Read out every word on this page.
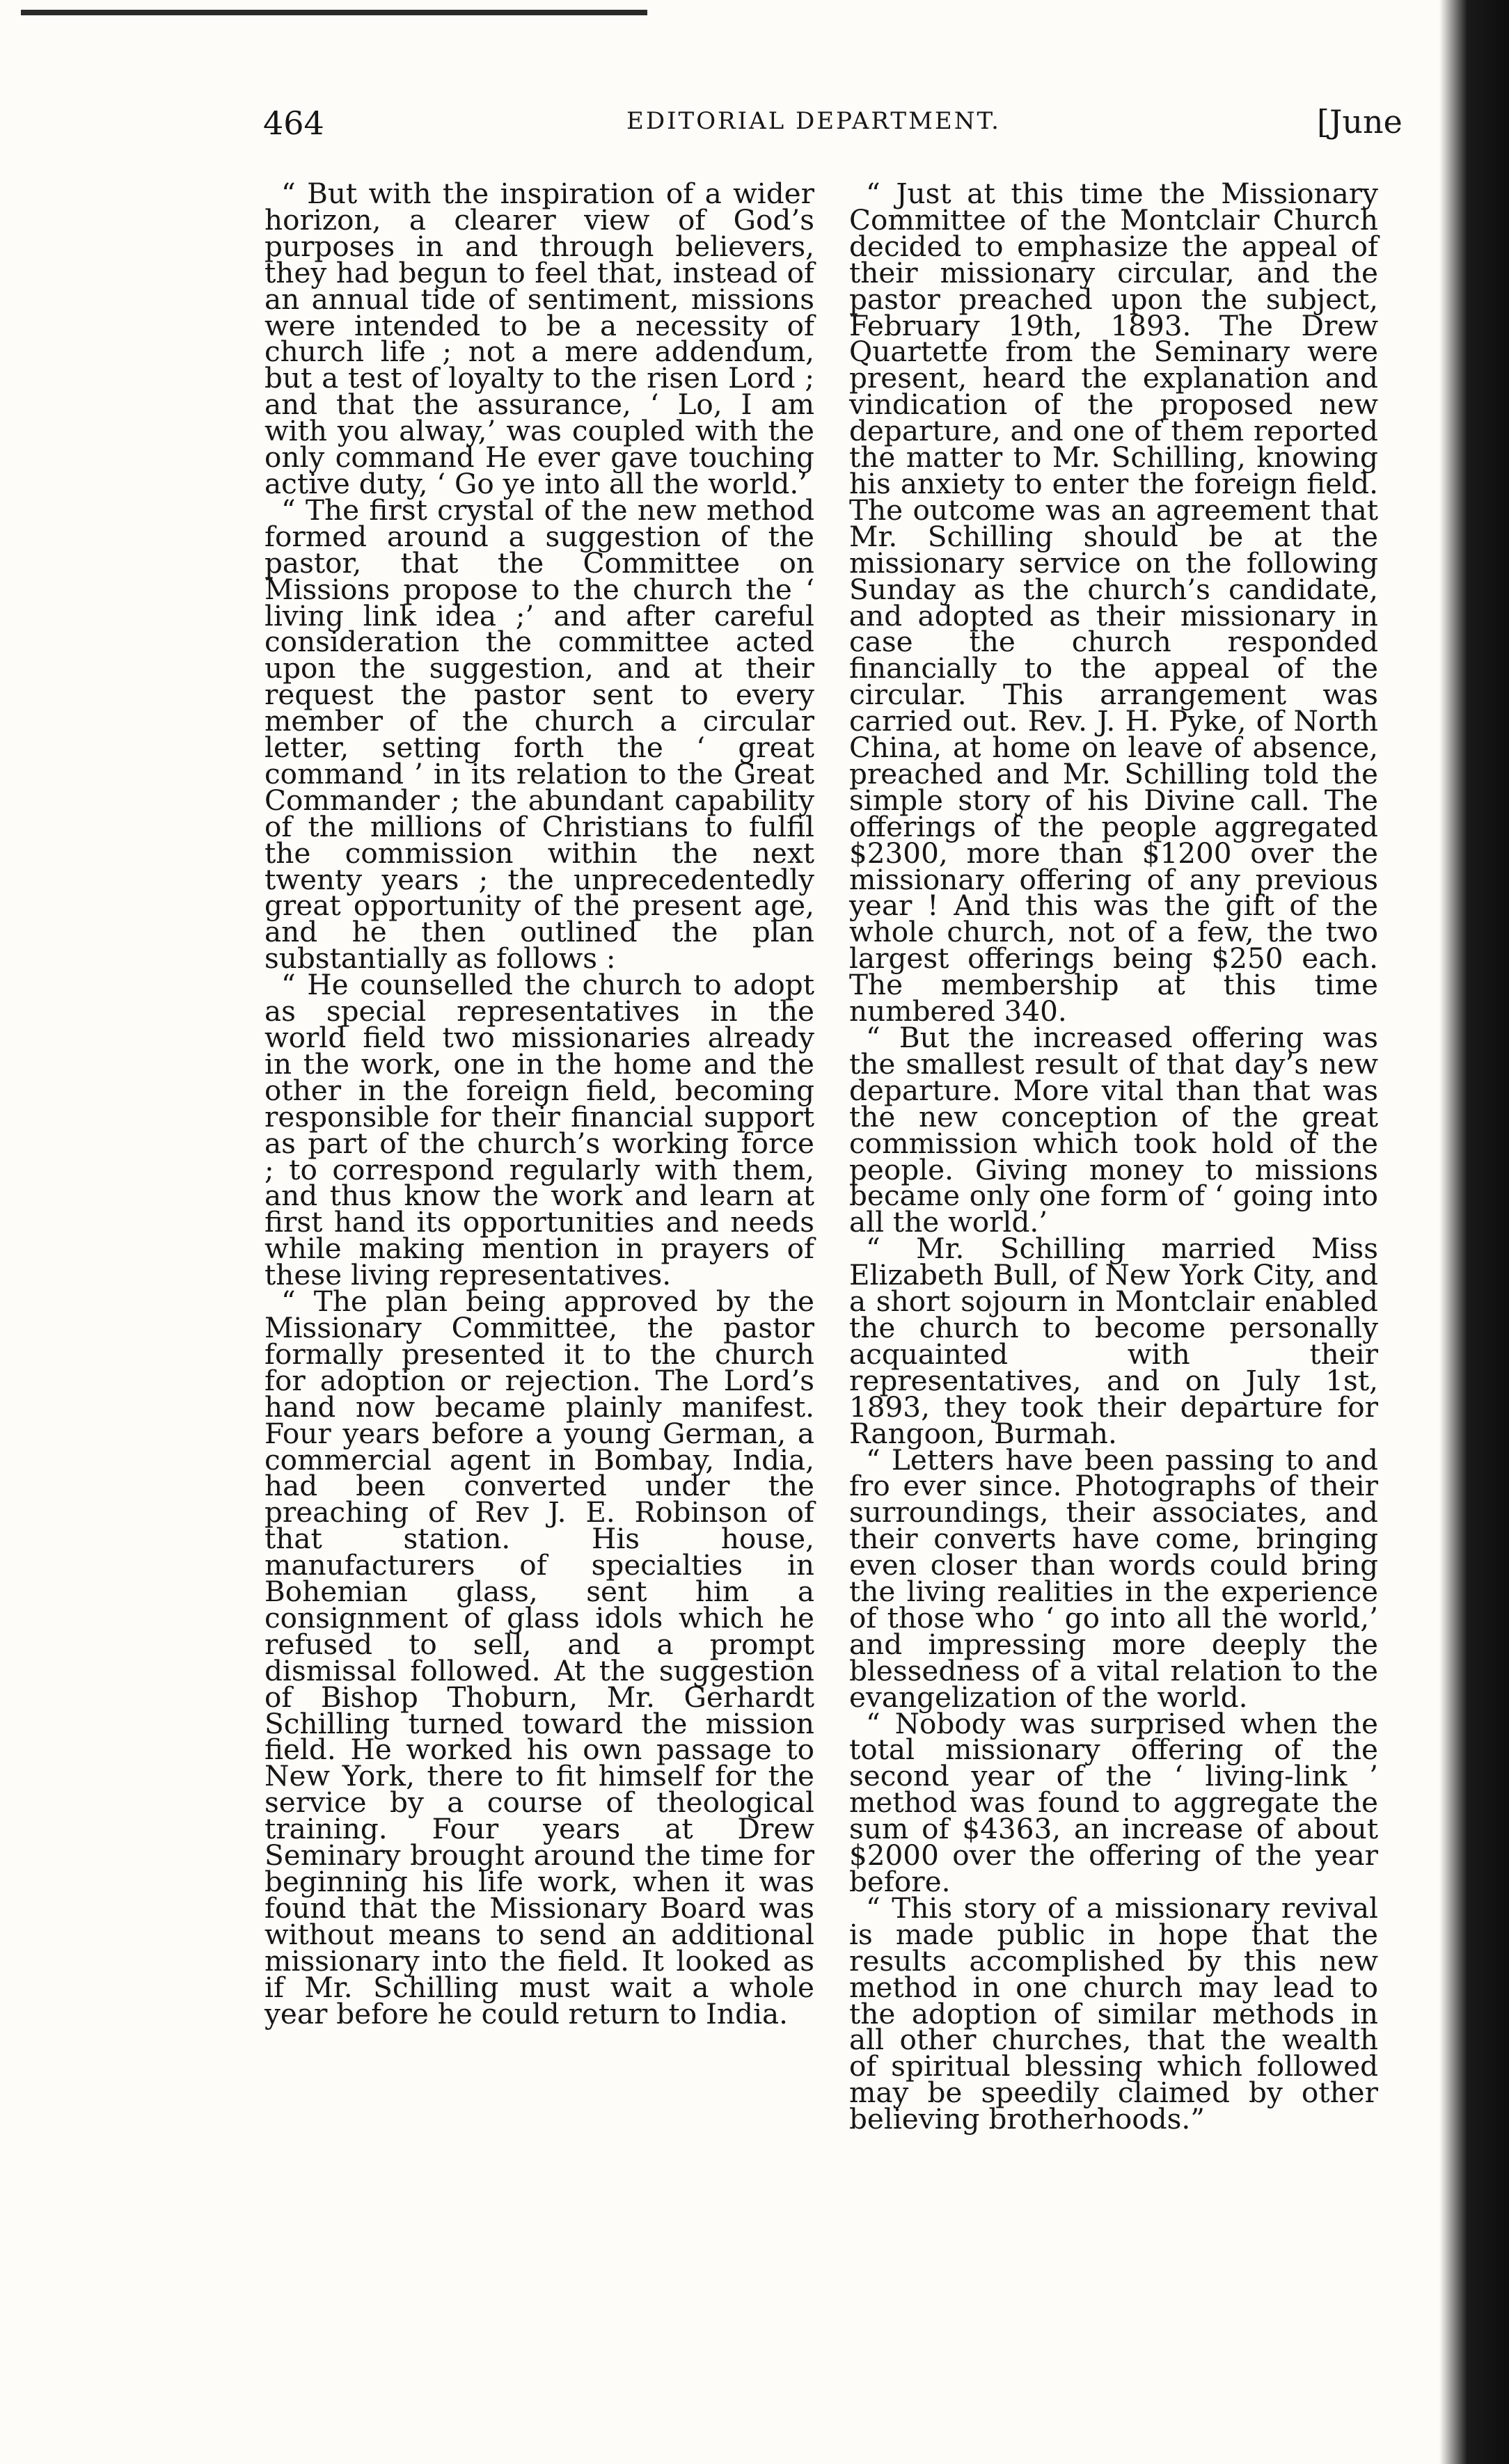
464	EDITORIAL DEPARTMENT.	[June

“ But with the inspiration of a wider horizon, a clearer view of God’s purposes in and through believers, they had begun to feel that, instead of an annual tide of sentiment, missions were intended to be a necessity of church life ; not a mere addendum, but a test of loyalty to the risen Lord ; and that the assurance, ‘ Lo, I am with you alway,’ was coupled with the only command He ever gave touching active duty, ‘ Go ye into all the world.’

“ The first crystal of the new method formed around a suggestion of the pastor, that the Committee on Missions propose to the church the ‘ living link idea ;’ and after careful consideration the committee acted upon the suggestion, and at their request the pastor sent to every member of the church a circular letter, setting forth the ‘ great command ’ in its relation to the Great Commander ; the abundant capability of the millions of Christians to fulfil the commission within the next twenty years ; the unprecedentedly great opportunity of the present age, and he then outlined the plan substantially as follows :

“ He counselled the church to adopt as special representatives in the world field two missionaries already in the work, one in the home and the other in the foreign field, becoming responsible for their financial support as part of the church’s working force ; to correspond regularly with them, and thus know the work and learn at first hand its opportunities and needs while making mention in prayers of these living representatives.

“ The plan being approved by the Missionary Committee, the pastor formally presented it to the church for adoption or rejection. The Lord’s hand now became plainly manifest. Four years before a young German, a commercial agent in Bombay, India, had been converted under the preaching of Rev J. E. Robinson of that station. His house, manufacturers of specialties in Bohemian glass, sent him a consignment of glass idols which he refused to sell, and a prompt dismissal followed. At the suggestion of Bishop Thoburn, Mr. Gerhardt Schilling turned toward the mission field. He worked his own passage to New York, there to fit himself for the service by a course of theological training. Four years at Drew Seminary brought around the time for beginning his life work, when it was found that the Missionary Board was without means to send an additional missionary into the field. It looked as if Mr. Schilling must wait a whole year before he could return to India.

“ Just at this time the Missionary Committee of the Montclair Church decided to emphasize the appeal of their missionary circular, and the pastor preached upon the subject, February 19th, 1893. The Drew Quartette from the Seminary were present, heard the explanation and vindication of the proposed new departure, and one of them reported the matter to Mr. Schilling, knowing his anxiety to enter the foreign field. The outcome was an agreement that Mr. Schilling should be at the missionary service on the following Sunday as the church’s candidate, and adopted as their missionary in case the church responded financially to the appeal of the circular. This arrangement was carried out. Rev. J. H. Pyke, of North China, at home on leave of absence, preached and Mr. Schilling told the simple story of his Divine call. The offerings of the people aggregated $2300, more than $1200 over the missionary offering of any previous year ! And this was the gift of the whole church, not of a few, the two largest offerings being $250 each. The membership at this time numbered 340.

“ But the increased offering was the smallest result of that day’s new departure. More vital than that was the new conception of the great commission which took hold of the people. Giving money to missions became only one form of ‘ going into all the world.’

“ Mr. Schilling married Miss Elizabeth Bull, of New York City, and a short sojourn in Montclair enabled the church to become personally acquainted with their representatives, and on July 1st, 1893, they took their departure for Rangoon, Burmah.

“ Letters have been passing to and fro ever since. Photographs of their surroundings, their associates, and their converts have come, bringing even closer than words could bring the living realities in the experience of those who ‘ go into all the world,’ and impressing more deeply the blessedness of a vital relation to the evangelization of the world.

“ Nobody was surprised when the total missionary offering of the second year of the ‘ living-link ’ method was found to aggregate the sum of $4363, an increase of about $2000 over the offering of the year before.

“ This story of a missionary revival is made public in hope that the results accomplished by this new method in one church may lead to the adoption of similar methods in all other churches, that the wealth of spiritual blessing which followed may be speedily claimed by other believing brotherhoods.”
